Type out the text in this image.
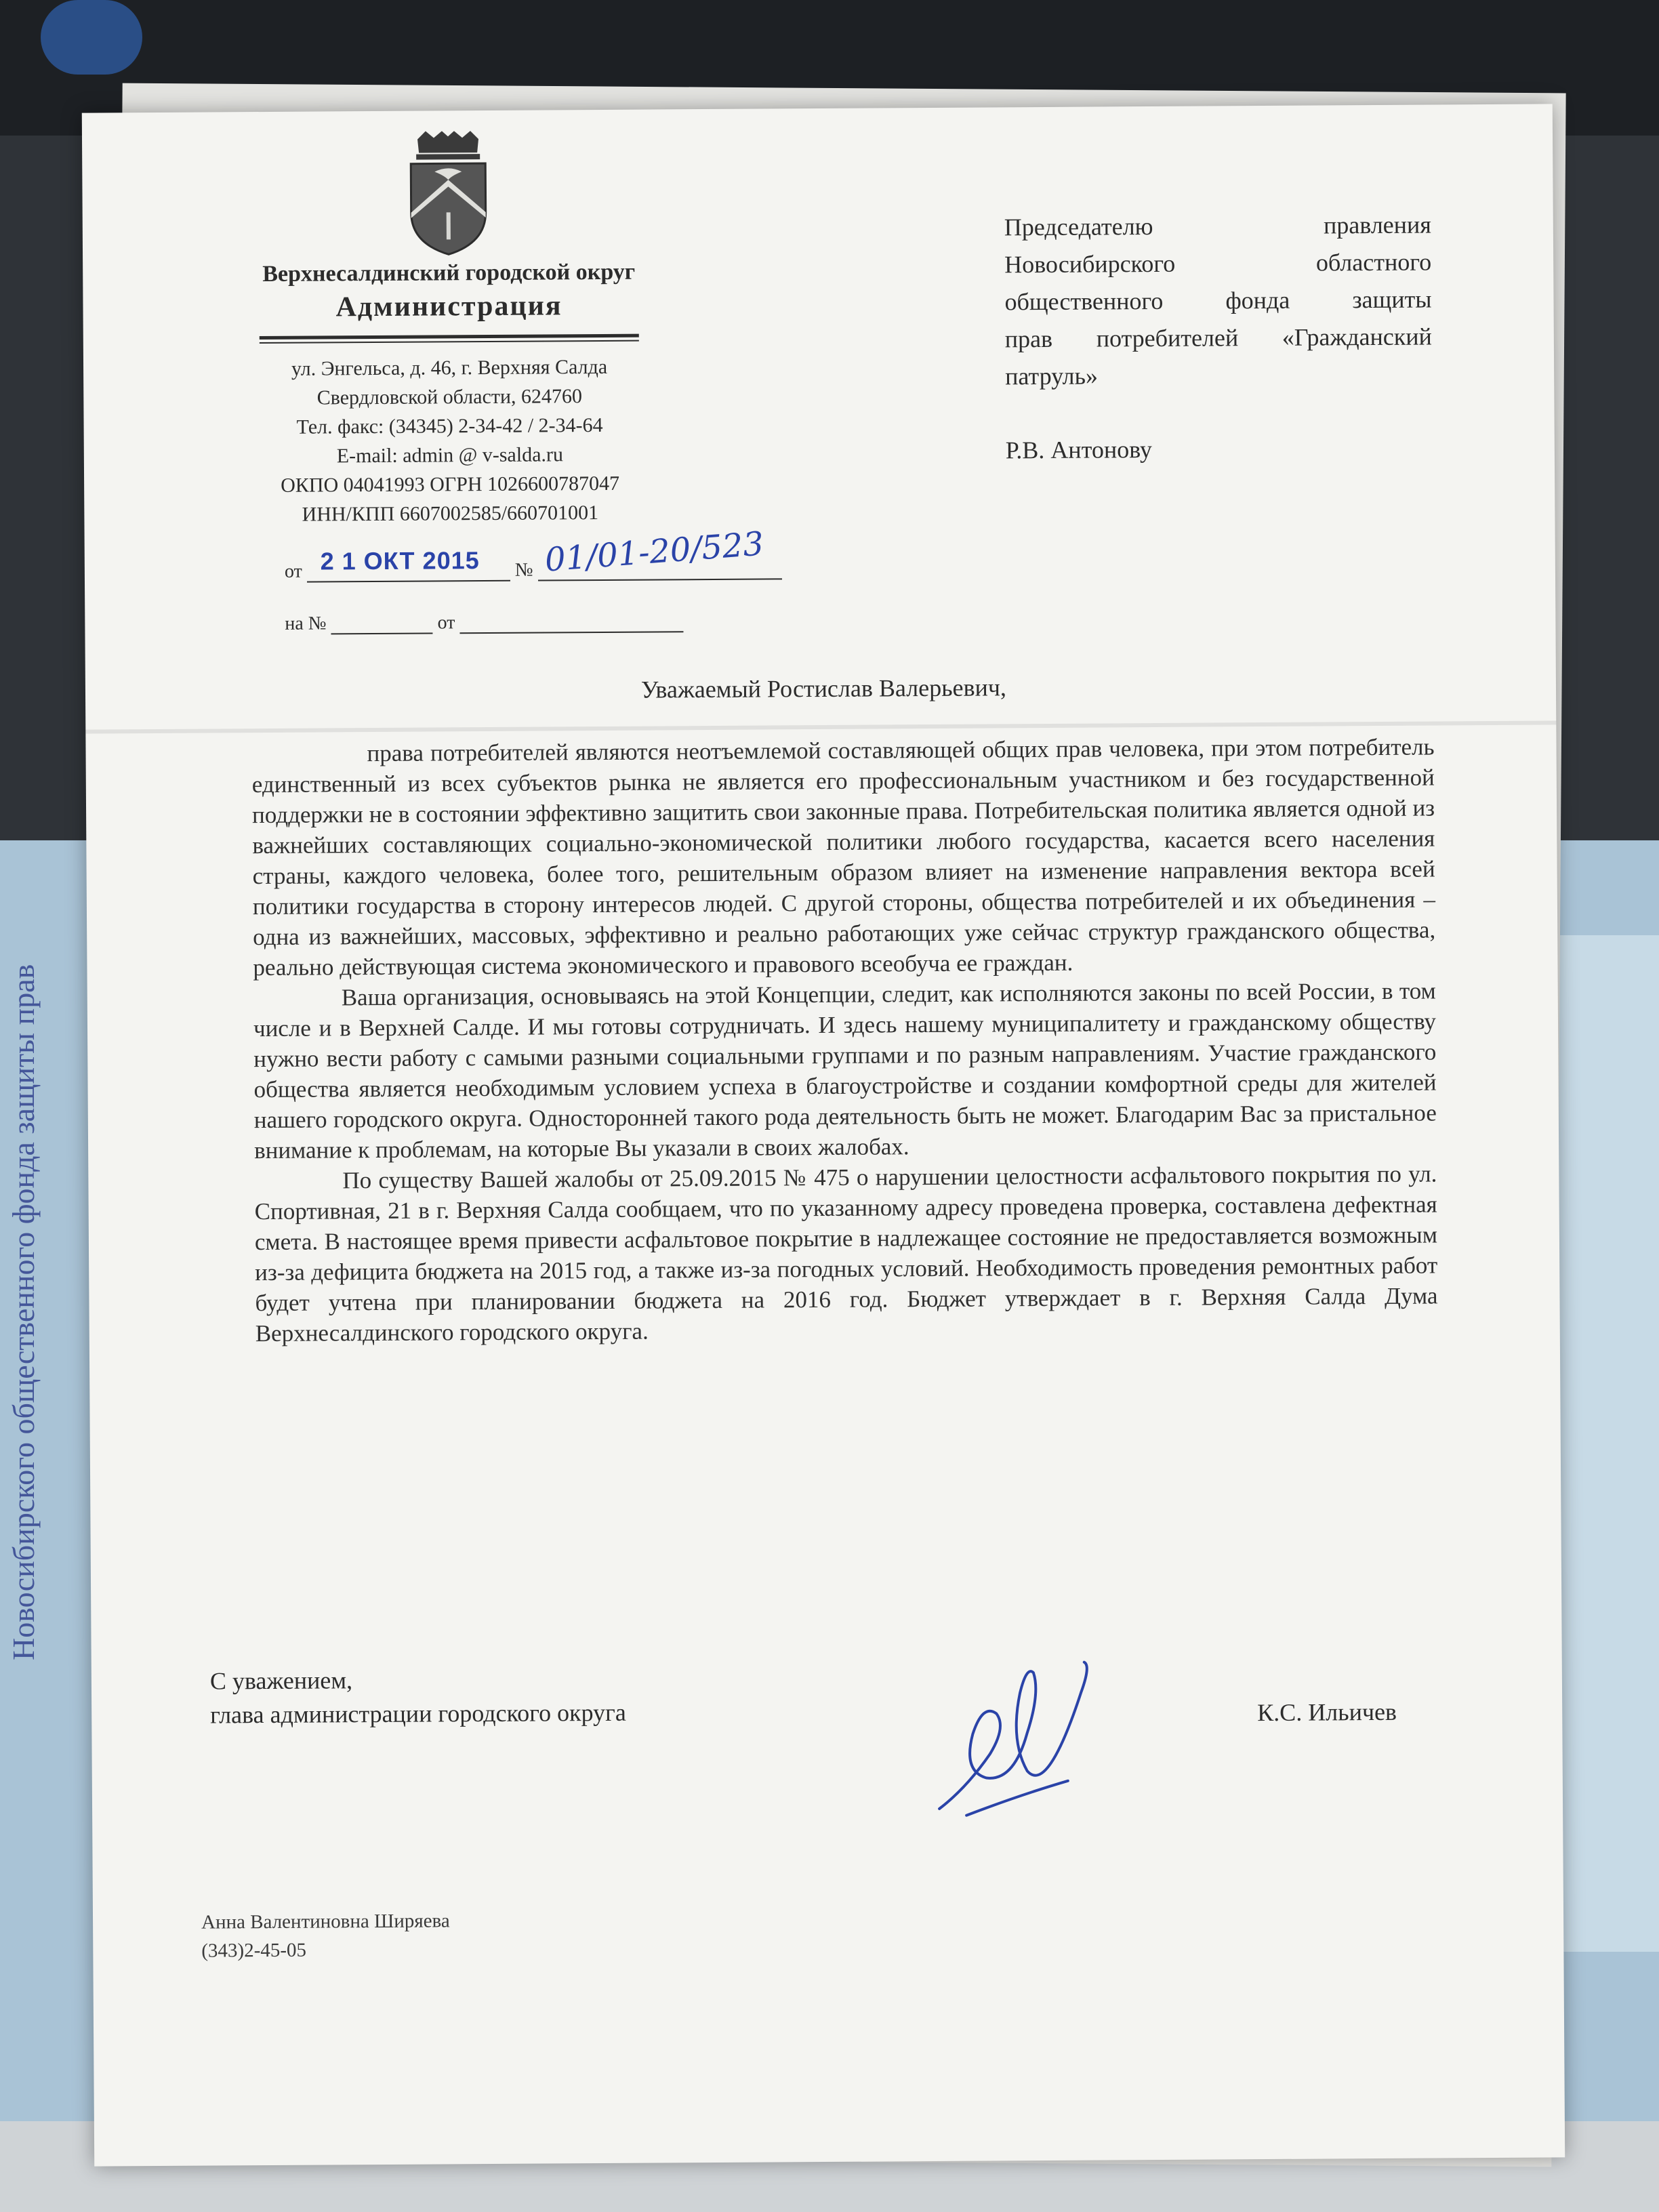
Новосибирского общественного фонда защиты прав
Верхнесалдинский городской округ
Администрация
ул. Энгельса, д. 46, г. Верхняя Салда
Свердловской области, 624760
Тел. факс: (34345) 2-34-42 / 2-34-64
E-mail: admin @ v-salda.ru
ОКПО 04041993 ОГРН 1026600787047
ИНН/КПП 6607002585/660701001
от 2 1 ОКТ 2015 № 01/01-20/523
на №	от
Председателю правления
Новосибирского областного
общественного фонда защиты
прав потребителей «Гражданский
патруль»
Р.В. Антонову
Уважаемый Ростислав Валерьевич,

права потребителей являются неотъемлемой составляющей общих прав человека, при этом потребитель единственный из всех субъектов рынка не является его профессиональным участником и без государственной поддержки не в состоянии эффективно защитить свои законные права. Потребительская политика является одной из важнейших составляющих социально-экономической политики любого государства, касается всего населения страны, каждого человека, более того, решительным образом влияет на изменение направления вектора всей политики государства в сторону интересов людей. С другой стороны, общества потребителей и их объединения – одна из важнейших, массовых, эффективно и реально работающих уже сейчас структур гражданского общества, реально действующая система экономического и правового всеобуча ее граждан.

Ваша организация, основываясь на этой Концепции, следит, как исполняются законы по всей России, в том числе и в Верхней Салде. И мы готовы сотрудничать. И здесь нашему муниципалитету и гражданскому обществу нужно вести работу с самыми разными социальными группами и по разным направлениям. Участие гражданского общества является необходимым условием успеха в благоустройстве и создании комфортной среды для жителей нашего городского округа. Односторонней такого рода деятельность быть не может. Благодарим Вас за пристальное внимание к проблемам, на которые Вы указали в своих жалобах.

По существу Вашей жалобы от 25.09.2015 № 475 о нарушении целостности асфальтового покрытия по ул. Спортивная, 21 в г. Верхняя Салда сообщаем, что по указанному адресу проведена проверка, составлена дефектная смета. В настоящее время привести асфальтовое покрытие в надлежащее состояние не предоставляется возможным из-за дефицита бюджета на 2015 год, а также из-за погодных условий. Необходимость проведения ремонтных работ будет учтена при планировании бюджета на 2016 год. Бюджет утверждает в г. Верхняя Салда Дума Верхнесалдинского городского округа.

С уважением,
глава администрации городского округа	К.С. Ильичев
Анна Валентиновна Ширяева
(343)2-45-05
